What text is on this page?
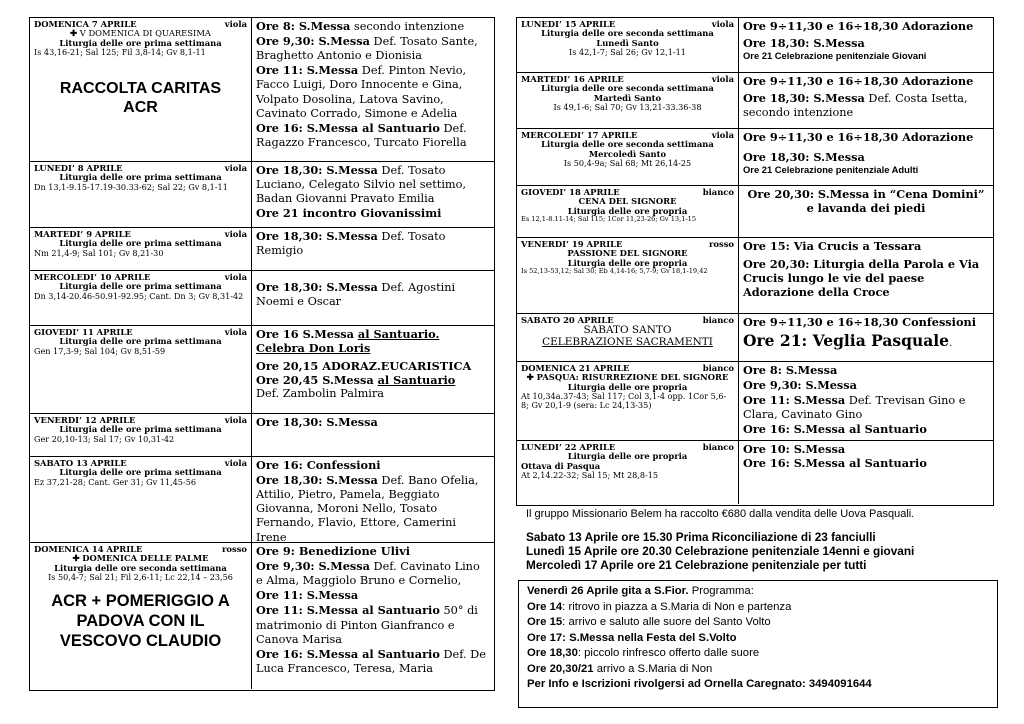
DOMENICA 7 APRILE	viola
✚ V DOMENICA DI QUARESIMA
Liturgia delle ore prima settimana
Is 43,16-21; Sal 125; Fil 3,8-14; Gv 8,1-11
RACCOLTA CARITAS
ACR
Ore 8: S.Messa secondo intenzione
Ore 9,30: S.Messa Def. Tosato Sante, Braghetto Antonio e Dionisia
Ore 11: S.Messa Def. Pinton Nevio, Facco Luigi, Doro Innocente e Gina, Volpato Dosolina, Latova Savino, Cavinato Corrado, Simone e Adelia
Ore 16: S.Messa al Santuario Def. Ragazzo Francesco, Turcato Fiorella
LUNEDI’ 8 APRILE	viola
Liturgia delle ore prima settimana
Dn 13,1-9.15-17.19-30.33-62; Sal 22; Gv 8,1-11
Ore 18,30: S.Messa Def. Tosato Luciano, Celegato Silvio nel settimo, Badan Giovanni Pravato Emilia
Ore 21 incontro Giovanissimi
MARTEDI’ 9 APRILE	viola
Liturgia delle ore prima settimana
Nm 21,4-9; Sal 101; Gv 8,21-30
Ore 18,30: S.Messa Def. Tosato Remigio
MERCOLEDI’ 10 APRILE	viola
Liturgia delle ore prima settimana
Dn 3,14-20.46-50.91-92.95; Cant. Dn 3; Gv 8,31-42
Ore 18,30: S.Messa Def. Agostini Noemi e Oscar
GIOVEDI’ 11 APRILE	viola
Liturgia delle ore prima settimana
Gen 17,3-9; Sal 104; Gv 8,51-59
Ore 16 S.Messa al Santuario.
Celebra Don Loris
Ore 20,15 ADORAZ.EUCARISTICA
Ore 20,45 S.Messa al Santuario
Def. Zambolin Palmira
VENERDI’ 12 APRILE	viola
Liturgia delle ore prima settimana
Ger 20,10-13; Sal 17; Gv 10,31-42
Ore 18,30: S.Messa
SABATO 13 APRILE	viola
Liturgia delle ore prima settimana
Ez 37,21-28; Cant. Ger 31; Gv 11,45-56
Ore 16: Confessioni
Ore 18,30: S.Messa Def. Bano Ofelia, Attilio, Pietro, Pamela, Beggiato Giovanna, Moroni Nello, Tosato Fernando, Flavio, Ettore, Camerini Irene
DOMENICA 14 APRILE	rosso
✚ DOMENICA DELLE PALME
Liturgia delle ore seconda settimana
Is 50,4-7; Sal 21; Fil 2,6-11; Lc 22,14 – 23,56
ACR + POMERIGGIO A
PADOVA CON IL
VESCOVO CLAUDIO
Ore 9: Benedizione Ulivi
Ore 9,30: S.Messa Def. Cavinato Lino e Alma, Maggiolo Bruno e Cornelio,
Ore 11: S.Messa
Ore 11: S.Messa al Santuario 50° di matrimonio di Pinton Gianfranco e Canova Marisa
Ore 16: S.Messa al Santuario Def. De Luca Francesco, Teresa, Maria
LUNEDI’ 15 APRILE	viola
Liturgia delle ore seconda settimana
Lunedì Santo
Is 42,1-7; Sal 26; Gv 12,1-11
Ore 9÷11,30 e 16÷18,30 Adorazione
Ore 18,30: S.Messa
Ore 21 Celebrazione penitenziale Giovani
MARTEDI’ 16 APRILE	viola
Liturgia delle ore seconda settimana
Martedì Santo
Is 49,1-6; Sal 70; Gv 13,21-33.36-38
Ore 9÷11,30 e 16÷18,30 Adorazione
Ore 18,30: S.Messa Def. Costa Isetta, secondo intenzione
MERCOLEDI’ 17 APRILE	viola
Liturgia delle ore seconda settimana
Mercoledì Santo
Is 50,4-9a; Sal 68; Mt 26,14-25
Ore 9÷11,30 e 16÷18,30 Adorazione
Ore 18,30: S.Messa
Ore 21 Celebrazione penitenziale Adulti
GIOVEDI’ 18 APRILE	bianco
CENA DEL SIGNORE
Liturgia delle ore propria
Es 12,1-8.11-14; Sal 115; 1Cor 11,23-26; Gv 13,1-15
Ore 20,30: S.Messa in “Cena Domini” e lavanda dei piedi
VENERDI’ 19 APRILE	rosso
PASSIONE DEL SIGNORE
Liturgia delle ore propria
Is 52,13-53,12; Sal 30; Eb 4,14-16; 5,7-9; Gv 18,1-19,42
Ore 15: Via Crucis a Tessara
Ore 20,30: Liturgia della Parola e Via Crucis lungo le vie del paese Adorazione della Croce
SABATO 20 APRILE	bianco
SABATO SANTO
CELEBRAZIONE SACRAMENTI
Ore 9÷11,30 e 16÷18,30 Confessioni
Ore 21: Veglia Pasquale.
DOMENICA 21 APRILE	bianco
✚ PASQUA: RISURREZIONE DEL SIGNORE
Liturgia delle ore propria
At 10,34a.37-43; Sal 117; Col 3,1-4 opp. 1Cor 5,6-8; Gv 20,1-9 (sera: Lc 24,13-35)
Ore 8: S.Messa
Ore 9,30: S.Messa
Ore 11: S.Messa Def. Trevisan Gino e Clara, Cavinato Gino
Ore 16: S.Messa al Santuario
LUNEDI’ 22 APRILE	bianco
Liturgia delle ore propria
Ottava di Pasqua
At 2,14.22-32; Sal 15; Mt 28,8-15
Ore 10: S.Messa
Ore 16: S.Messa al Santuario

Il gruppo Missionario Belem ha raccolto €680 dalla vendita delle Uova Pasquali.

Sabato 13 Aprile ore 15.30 Prima Riconciliazione di 23 fanciulli

Lunedì 15 Aprile ore 20.30 Celebrazione penitenziale 14enni e giovani

Mercoledì 17 Aprile ore 21 Celebrazione penitenziale per tutti

Venerdì 26 Aprile gita a S.Fior. Programma:
Ore 14: ritrovo in piazza a S.Maria di Non e partenza
Ore 15: arrivo e saluto alle suore del Santo Volto
Ore 17: S.Messa nella Festa del S.Volto
Ore 18,30: piccolo rinfresco offerto dalle suore
Ore 20,30/21 arrivo a S.Maria di Non
Per Info e Iscrizioni rivolgersi ad Ornella Caregnato: 3494091644
